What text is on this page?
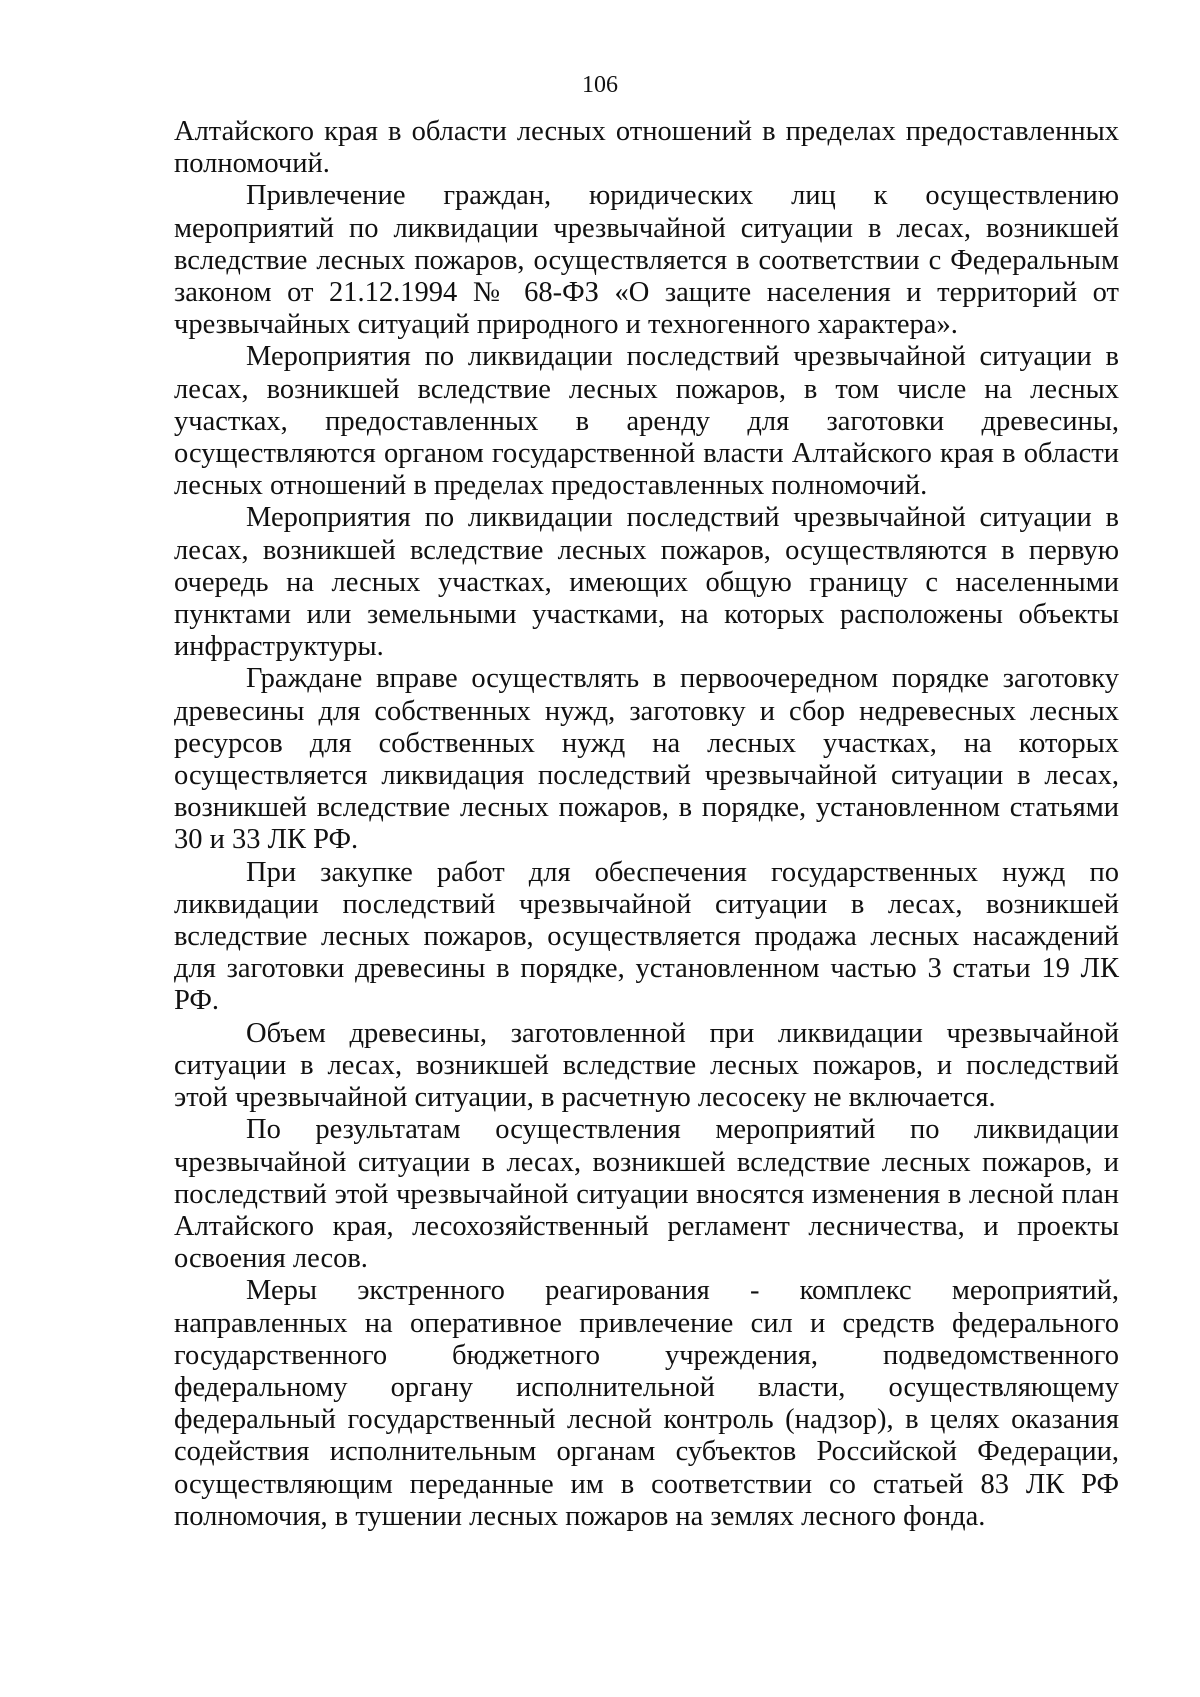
106

Алтайского края в области лесных отношений в пределах предоставленных полномочий.

Привлечение граждан, юридических лиц к осуществлению мероприятий по ликвидации чрезвычайной ситуации в лесах, возникшей вследствие лесных пожаров, осуществляется в соответствии с Федеральным законом от 21.12.1994 № 68-ФЗ «О защите населения и территорий от чрезвычайных ситуаций природного и техногенного характера».

Мероприятия по ликвидации последствий чрезвычайной ситуации в лесах, возникшей вследствие лесных пожаров, в том числе на лесных участках, предоставленных в аренду для заготовки древесины, осуществляются органом государственной власти Алтайского края в области лесных отношений в пределах предоставленных полномочий.

Мероприятия по ликвидации последствий чрезвычайной ситуации в лесах, возникшей вследствие лесных пожаров, осуществляются в первую очередь на лесных участках, имеющих общую границу с населенными пунктами или земельными участками, на которых расположены объекты инфраструктуры.

Граждане вправе осуществлять в первоочередном порядке заготовку древесины для собственных нужд, заготовку и сбор недревесных лесных ресурсов для собственных нужд на лесных участках, на которых осуществляется ликвидация последствий чрезвычайной ситуации в лесах, возникшей вследствие лесных пожаров, в порядке, установленном статьями 30 и 33 ЛК РФ.

При закупке работ для обеспечения государственных нужд по ликвидации последствий чрезвычайной ситуации в лесах, возникшей вследствие лесных пожаров, осуществляется продажа лесных насаждений для заготовки древесины в порядке, установленном частью 3 статьи 19 ЛК РФ.

Объем древесины, заготовленной при ликвидации чрезвычайной ситуации в лесах, возникшей вследствие лесных пожаров, и последствий этой чрезвычайной ситуации, в расчетную лесосеку не включается.

По результатам осуществления мероприятий по ликвидации чрезвычайной ситуации в лесах, возникшей вследствие лесных пожаров, и последствий этой чрезвычайной ситуации вносятся изменения в лесной план Алтайского края, лесохозяйственный регламент лесничества, и проекты освоения лесов.

Меры экстренного реагирования - комплекс мероприятий, направленных на оперативное привлечение сил и средств федерального государственного бюджетного учреждения, подведомственного федеральному органу исполнительной власти, осуществляющему федеральный государственный лесной контроль (надзор), в целях оказания содействия исполнительным органам субъектов Российской Федерации, осуществляющим переданные им в соответствии со статьей 83 ЛК РФ полномочия, в тушении лесных пожаров на землях лесного фонда.
